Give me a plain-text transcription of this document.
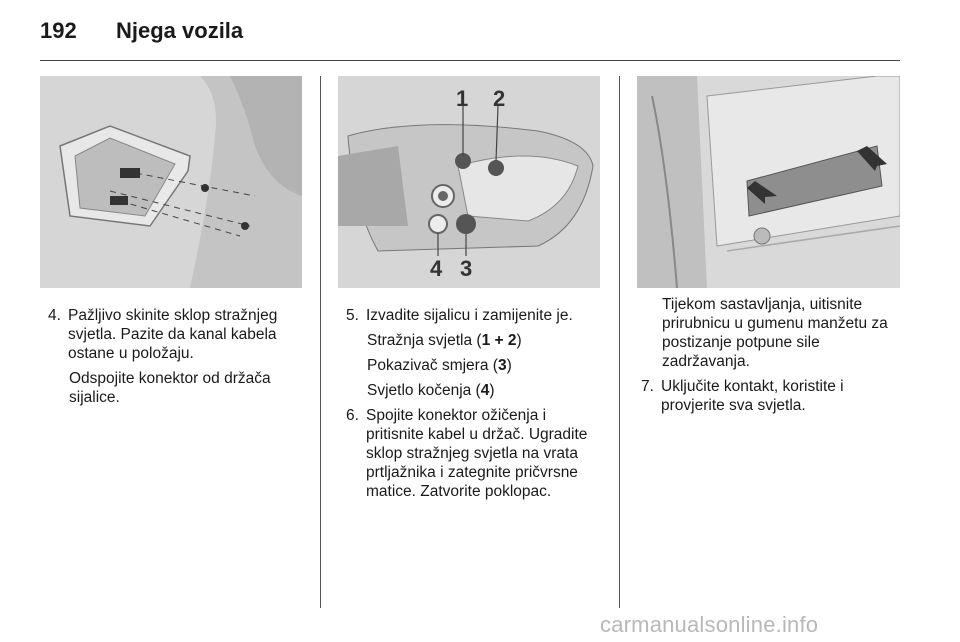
192	Njega vozila
1 2
4 3
4. Pažljivo skinite sklop stražnjeg svjetla. Pazite da kanal kabela ostane u položaju.

Odspojite konektor od držača sijalice.

5. Izvadite sijalicu i zamijenite je.

Stražnja svjetla (1 + 2)

Pokazivač smjera (3)

Svjetlo kočenja (4)

6. Spojite konektor ožičenja i pritisnite kabel u držač. Ugradite sklop stražnjeg svjetla na vrata prtljažnika i zategnite pričvrsne matice. Zatvorite poklopac.

Tijekom sastavljanja, uitisnite prirubnicu u gumenu manžetu za postizanje potpune sile zadržavanja.

7. Uključite kontakt, koristite i provjerite sva svjetla.
carmanualsonline.info
